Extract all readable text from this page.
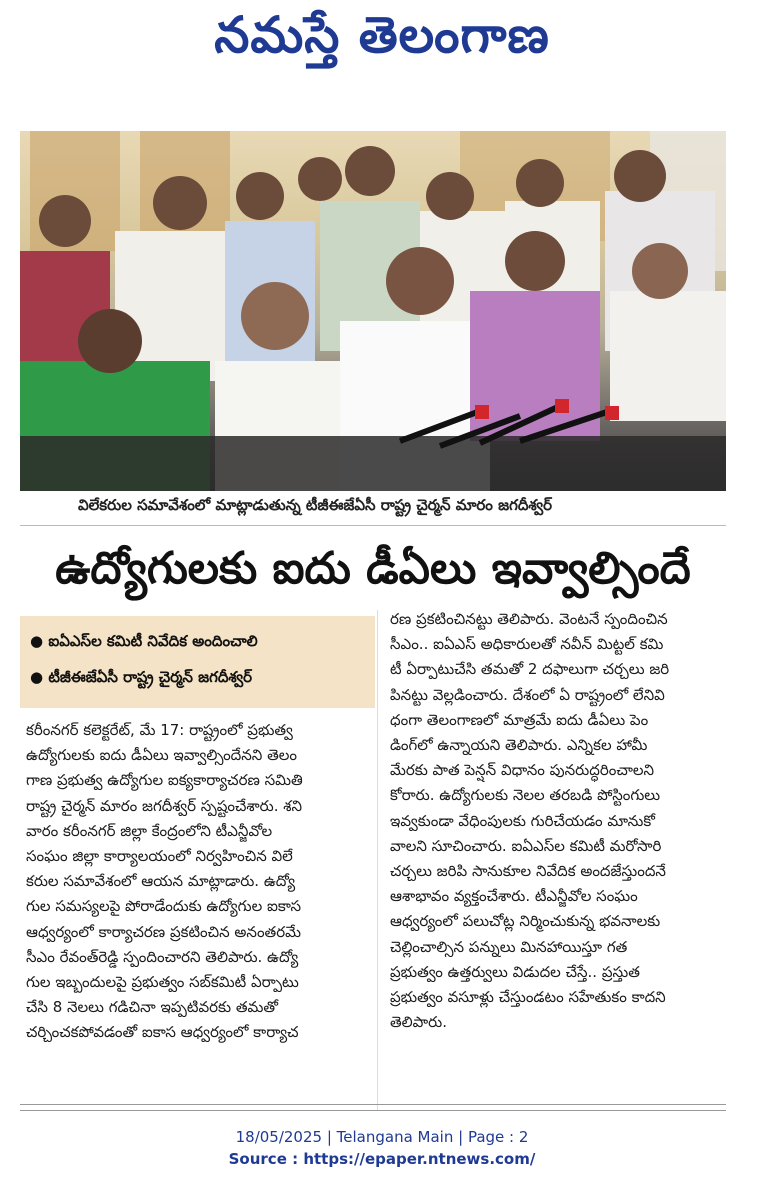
నమస్తే తెలంగాణ
విలేకరుల సమావేశంలో మాట్లాడుతున్న టీజీఈజేఏసీ రాష్ట్ర చైర్మన్ మారం జగదీశ్వర్
ఉద్యోగులకు ఐదు డీఏలు ఇవ్వాల్సిందే
● ఐఏఎస్‌ల కమిటీ నివేదిక అందించాలి
● టీజీఈజేఏసీ రాష్ట్ర చైర్మన్ జగదీశ్వర్

కరీంనగర్ కలెక్టరేట్, మే 17: రాష్ట్రంలో ప్రభుత్వ

ఉద్యోగులకు ఐదు డీఏలు ఇవ్వాల్సిందేనని తెలం

గాణ ప్రభుత్వ ఉద్యోగుల ఐక్యకార్యాచరణ సమితి

రాష్ట్ర చైర్మన్ మారం జగదీశ్వర్ స్పష్టంచేశారు. శని

వారం కరీంనగర్ జిల్లా కేంద్రంలోని టీఎన్జీవోల

సంఘం జిల్లా కార్యాలయంలో నిర్వహించిన విలే

కరుల సమావేశంలో ఆయన మాట్లాడారు. ఉద్యో

గుల సమస్యలపై పోరాడేందుకు ఉద్యోగుల ఐకాస

ఆధ్వర్యంలో కార్యాచరణ ప్రకటించిన అనంతరమే

సీఎం రేవంత్‌రెడ్డి స్పందించారని తెలిపారు. ఉద్యో

గుల ఇబ్బందులపై ప్రభుత్వం సబ్‌కమిటీ ఏర్పాటు

చేసి 8 నెలలు గడిచినా ఇప్పటివరకు తమతో

చర్చించకపోవడంతో ఐకాస ఆధ్వర్యంలో కార్యాచ

రణ ప్రకటించినట్టు తెలిపారు. వెంటనే స్పందించిన

సీఎం.. ఐఏఎస్ అధికారులతో నవీన్ మిట్టల్ కమి

టీ ఏర్పాటుచేసి తమతో 2 దఫాలుగా చర్చలు జరి

పినట్టు వెల్లడించారు. దేశంలో ఏ రాష్ట్రంలో లేనివి

ధంగా తెలంగాణలో మాత్రమే ఐదు డీఏలు పెం

డింగ్‌లో ఉన్నాయని తెలిపారు. ఎన్నికల హామీ

మేరకు పాత పెన్షన్ విధానం పునరుద్ధరించాలని

కోరారు. ఉద్యోగులకు నెలల తరబడి పోస్టింగులు

ఇవ్వకుండా వేధింపులకు గురిచేయడం మానుకో

వాలని సూచించారు. ఐఏఎస్‌ల కమిటీ మరోసారి

చర్చలు జరిపి సానుకూల నివేదిక అందజేస్తుందనే

ఆశాభావం వ్యక్తంచేశారు. టీఎన్జీవోల సంఘం

ఆధ్వర్యంలో పలుచోట్ల నిర్మించుకున్న భవనాలకు

చెల్లించాల్సిన పన్నులు మినహాయిస్తూ గత

ప్రభుత్వం ఉత్తర్వులు విడుదల చేస్తే.. ప్రస్తుత

ప్రభుత్వం వసూళ్లు చేస్తుండటం సహేతుకం కాదని

తెలిపారు.

18/05/2025 | Telangana Main | Page : 2
Source : https://epaper.ntnews.com/
